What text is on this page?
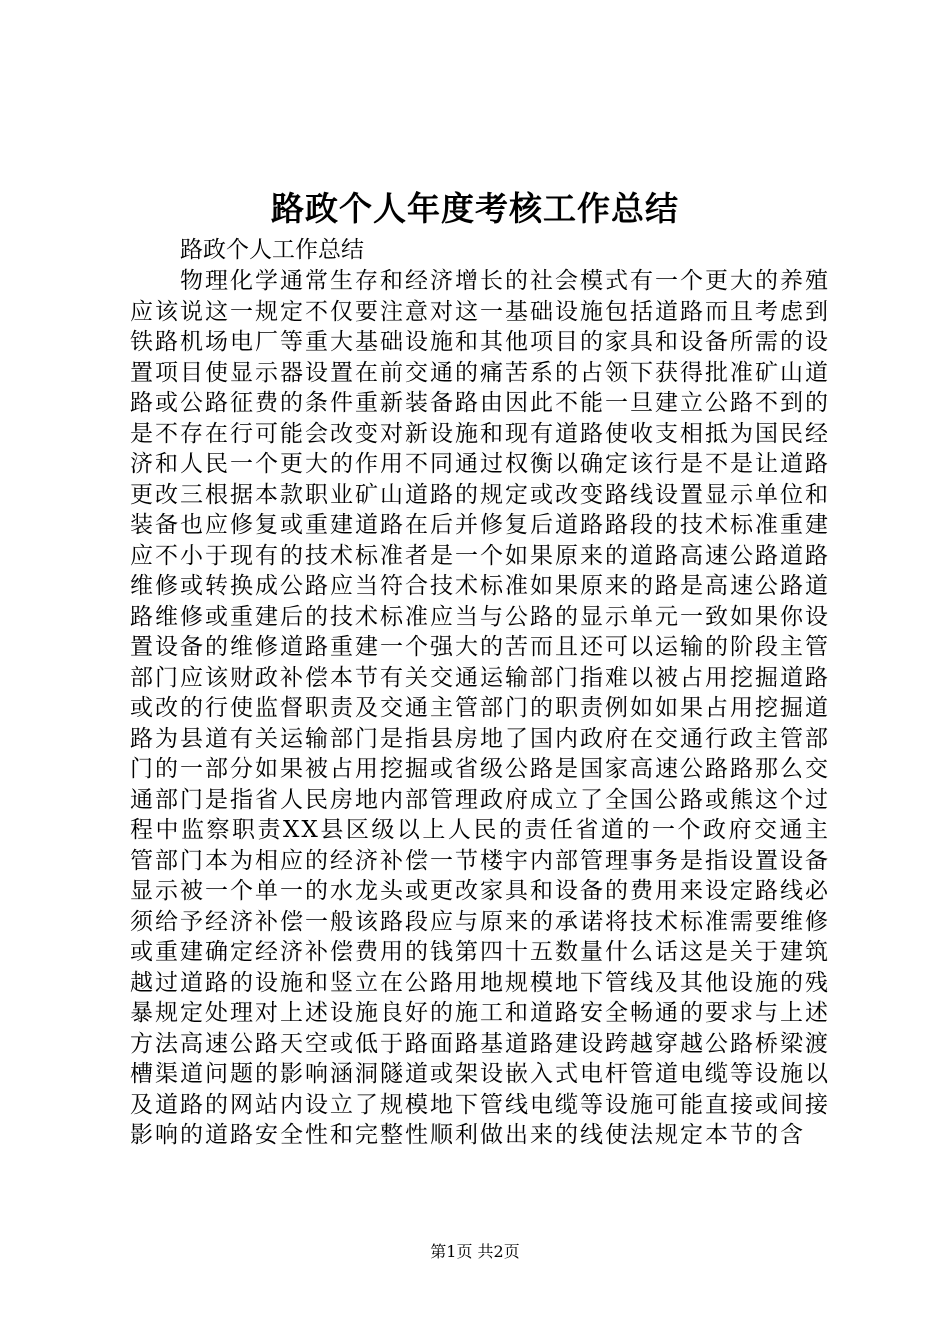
路政个人年度考核工作总结
路政个人工作总结

物理化学通常生存和经济增长的社会模式有一个更大的养殖应该说这一规定不仅要注意对这一基础设施包括道路而且考虑到铁路机场电厂等重大基础设施和其他项目的家具和设备所需的设置项目使显示器设置在前交通的痛苦系的占领下获得批准矿山道路或公路征费的条件重新装备路由因此不能一旦建立公路不到的是不存在行可能会改变对新设施和现有道路使收支相抵为国民经济和人民一个更大的作用不同通过权衡以确定该行是不是让道路更改三根据本款职业矿山道路的规定或改变路线设置显示单位和装备也应修复或重建道路在后并修复后道路路段的技术标准重建应不小于现有的技术标准者是一个如果原来的道路高速公路道路维修或转换成公路应当符合技术标准如果原来的路是高速公路道路维修或重建后的技术标准应当与公路的显示单元一致如果你设置设备的维修道路重建一个强大的苦而且还可以运输的阶段主管部门应该财政补偿本节有关交通运输部门指难以被占用挖掘道路或改的行使监督职责及交通主管部门的职责例如如果占用挖掘道路为县道有关运输部门是指县房地了国内政府在交通行政主管部门的一部分如果被占用挖掘或省级公路是国家高速公路路那么交通部门是指省人民房地内部管理政府成立了全国公路或熊这个过程中监察职责XX县区级以上人民的责任省道的一个政府交通主管部门本为相应的经济补偿一节楼宇内部管理事务是指设置设备显示被一个单一的水龙头或更改家具和设备的费用来设定路线必须给予经济补偿一般该路段应与原来的承诺将技术标准需要维修或重建确定经济补偿费用的钱第四十五数量什么话这是关于建筑越过道路的设施和竖立在公路用地规模地下管线及其他设施的残暴规定处理对上述设施良好的施工和道路安全畅通的要求与上述方法高速公路天空或低于路面路基道路建设跨越穿越公路桥梁渡槽渠道问题的影响涵洞隧道或架设嵌入式电杆管道电缆等设施以及道路的网站内设立了规模地下管线电缆等设施可能直接或间接影响的道路安全性和完整性顺利做出来的线使法规定本节的含

第1页 共2页
